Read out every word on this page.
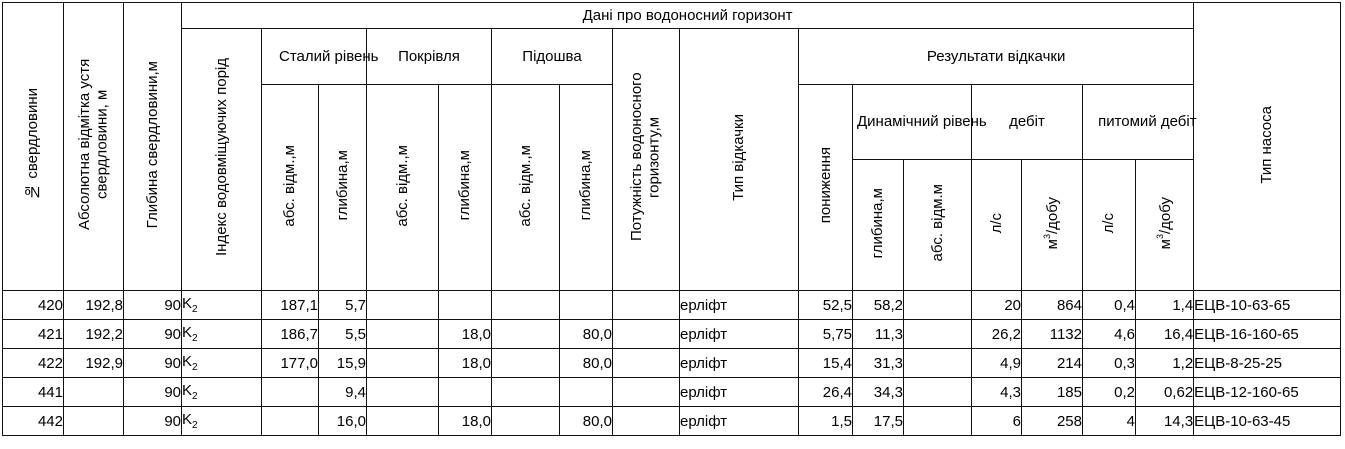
№ свердловини	Абсолютна відмітка устя свердловини, м	Глибина свердловини,м	Дані про водоносний горизонт																Тип насоса
			Індекс водовміщуючих порід	Сталий рівень		Покрівля		Підошва		Потужність водоносного горизонту,м	Тип відкачки	Результати відкачки							
				абс. відм.,м	глибина,м	абс. відм.,м	глибина,м	абс. відм.,м	глибина,м			пониження	Динамічний рівень		дебіт		питомий дебіт		
													глибина,м	абс. відм.м	л/с	$м^3$/добу	л/с	$м^3$/добу	
420	192,8	90	$K_2$	187,1	5,7						ерліфт	52,5	58,2		20	864	0,4	1,4	ЕЦВ-10-63-65
421	192,2	90	$K_2$	186,7	5,5		18,0		80,0		ерліфт	5,75	11,3		26,2	1132	4,6	16,4	ЕЦВ-16-160-65
422	192,9	90	$K_2$	177,0	15,9		18,0		80,0		ерліфт	15,4	31,3		4,9	214	0,3	1,2	ЕЦВ-8-25-25
441		90	$K_2$		9,4						ерліфт	26,4	34,3		4,3	185	0,2	0,62	ЕЦВ-12-160-65
442		90	$K_2$		16,0		18,0		80,0		ерліфт	1,5	17,5		6	258	4	14,3	ЕЦВ-10-63-45
